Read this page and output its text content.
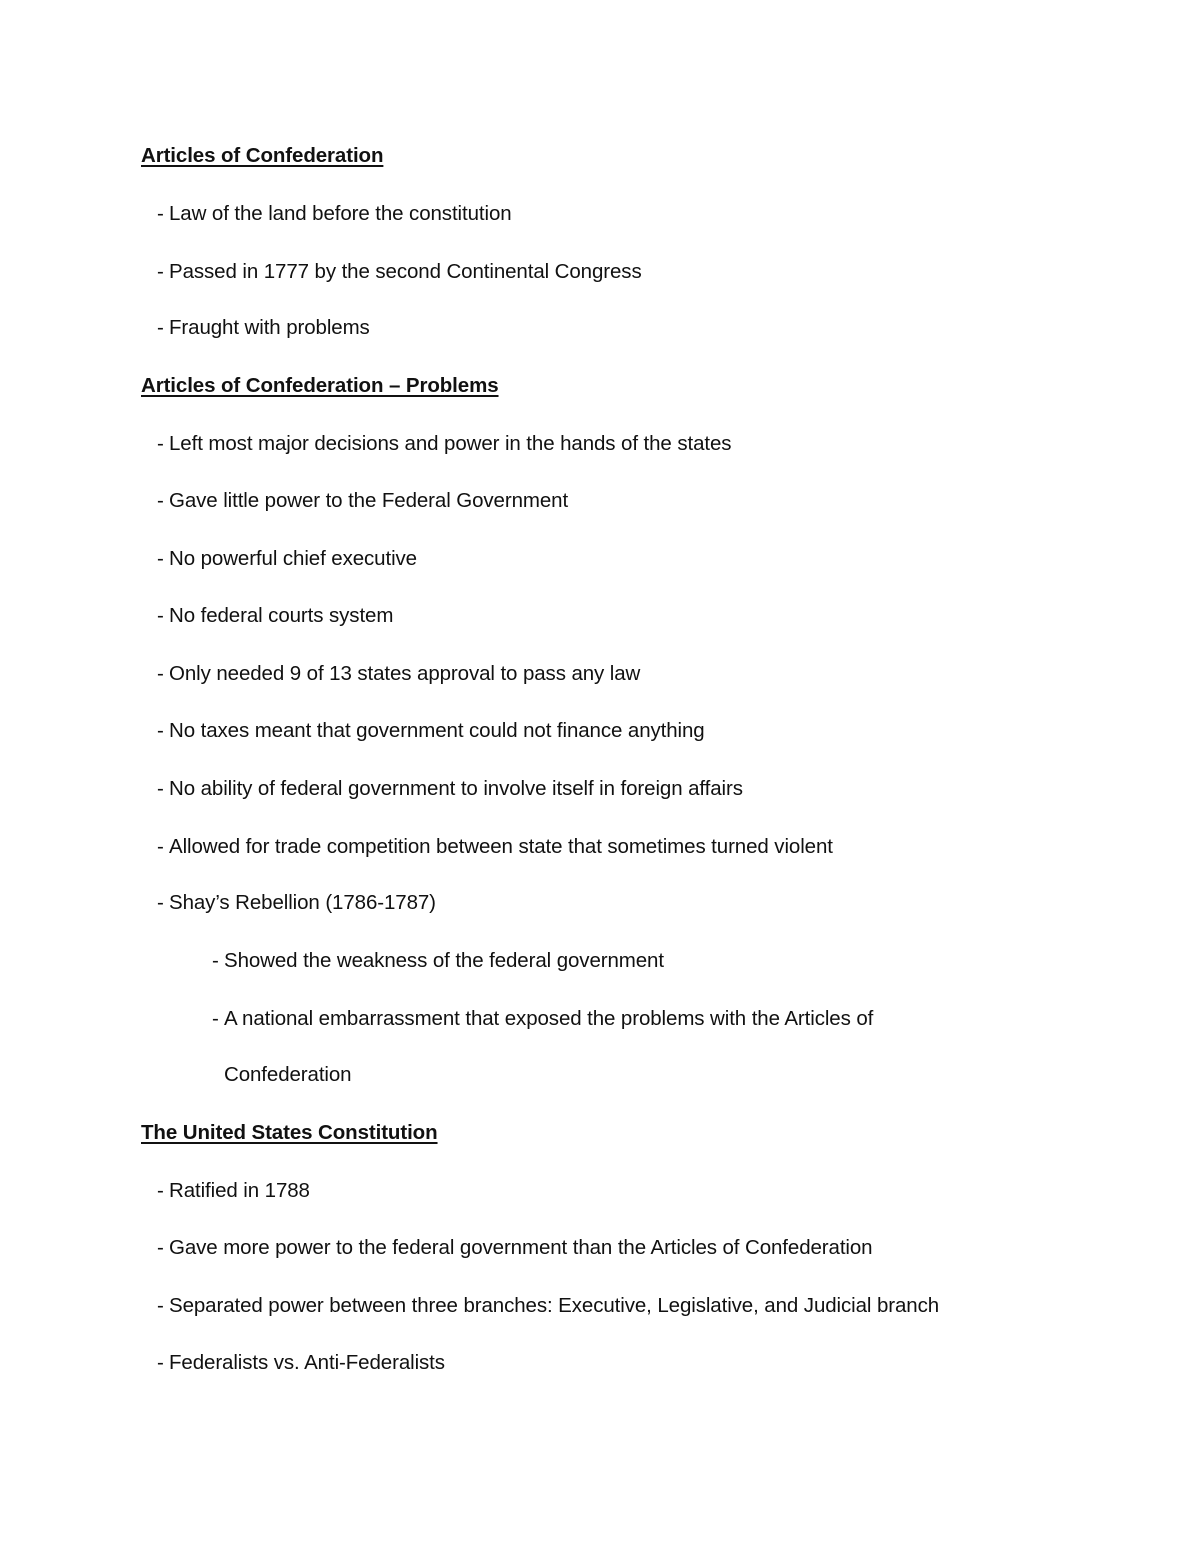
Articles of Confederation
- Law of the land before the constitution
- Passed in 1777 by the second Continental Congress
- Fraught with problems
Articles of Confederation – Problems
- Left most major decisions and power in the hands of the states
- Gave little power to the Federal Government
- No powerful chief executive
- No federal courts system
- Only needed 9 of 13 states approval to pass any law
- No taxes meant that government could not finance anything
- No ability of federal government to involve itself in foreign affairs
- Allowed for trade competition between state that sometimes turned violent
- Shay’s Rebellion (1786-1787)
- Showed the weakness of the federal government
- A national embarrassment that exposed the problems with the Articles of
Confederation
The United States Constitution
- Ratified in 1788
- Gave more power to the federal government than the Articles of Confederation
- Separated power between three branches: Executive, Legislative, and Judicial branch
- Federalists vs. Anti-Federalists
